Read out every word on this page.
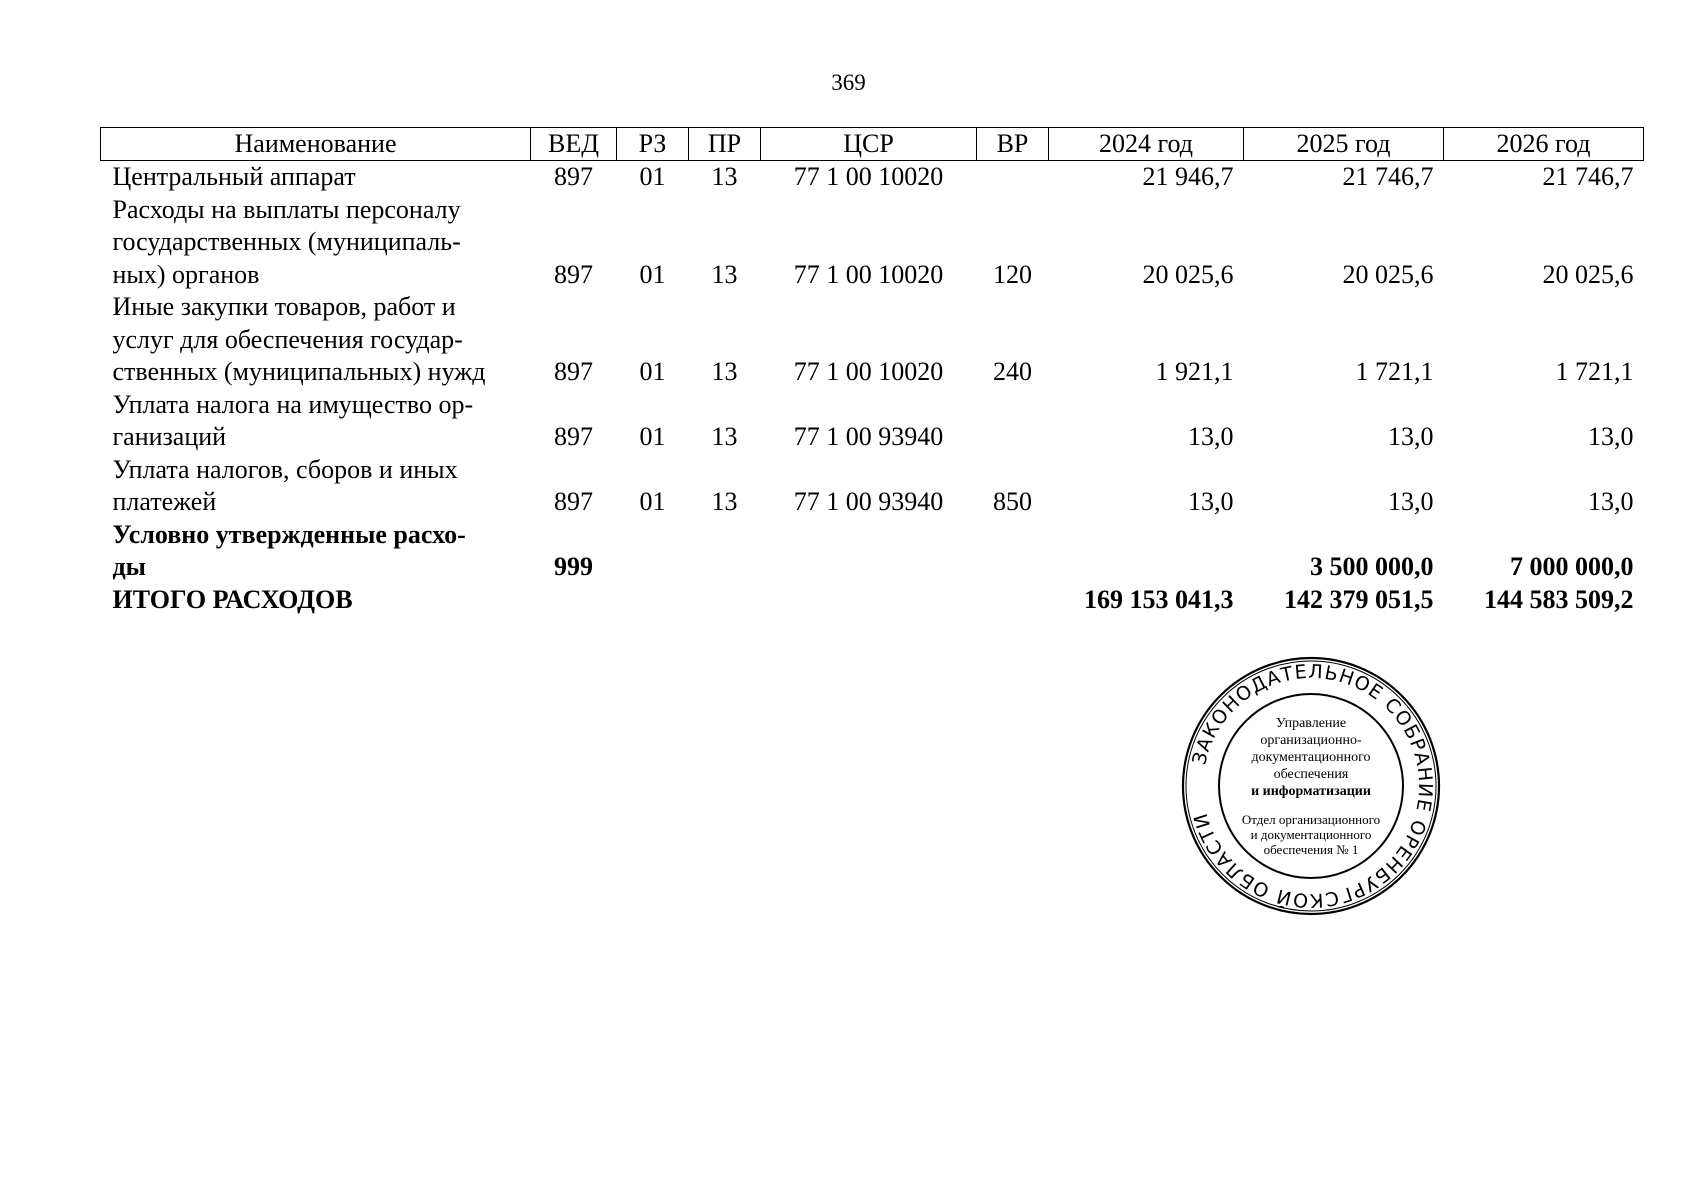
369
Наименование	ВЕД	РЗ	ПР	ЦСР	ВР	2024 год	2025 год	2026 год

Центральный аппарат	897	01	13	77 1 00 10020		21 946,7	21 746,7	21 746,7

Расходы на выплаты персоналу
государственных (муниципаль-
ных) органов	897	01	13	77 1 00 10020	120	20 025,6	20 025,6	20 025,6

Иные закупки товаров, работ и
услуг для обеспечения государ-
ственных (муниципальных) нужд	897	01	13	77 1 00 10020	240	1 921,1	1 721,1	1 721,1

Уплата налога на имущество ор-
ганизаций	897	01	13	77 1 00 93940		13,0	13,0	13,0

Уплата налогов, сборов и иных
платежей	897	01	13	77 1 00 93940	850	13,0	13,0	13,0

Условно утвержденные расхо-
ды	999						3 500 000,0	7 000 000,0

ИТОГО РАСХОДОВ						169 153 041,3	142 379 051,5	144 583 509,2
ЗАКОНОДАТЕЛЬНОЕ СОБРАНИЕ ОРЕНБУРГСКОЙ ОБЛАСТИ
Управление
организационно-
документационного
обеспечения
и информатизации
Отдел организационного
и документационного
обеспечения № 1
